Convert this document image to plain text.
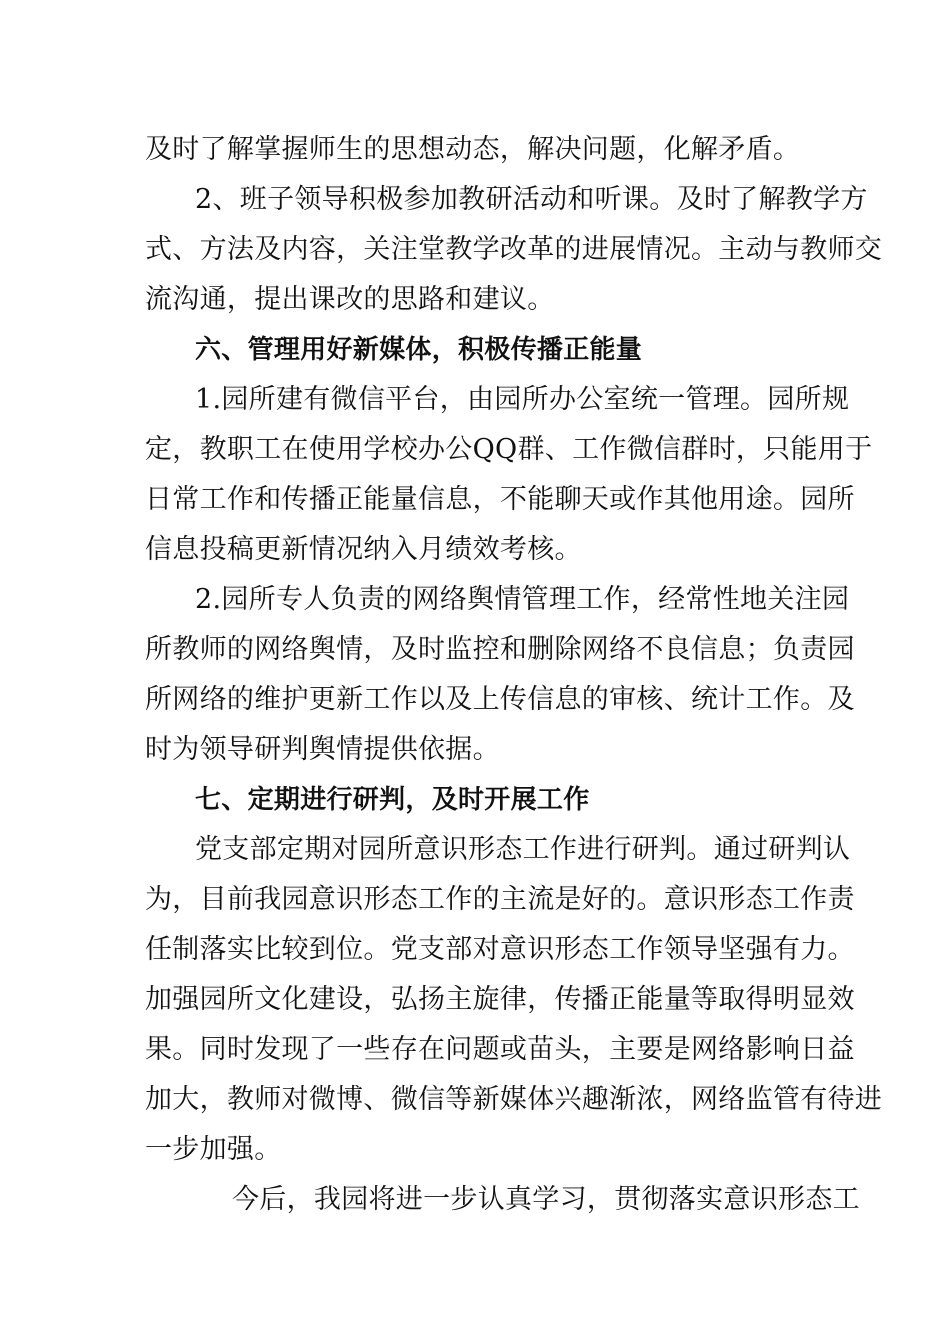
及时了解掌握师生的思想动态，解决问题，化解矛盾。
2、班子领导积极参加教研活动和听课。及时了解教学方
式、方法及内容，关注堂教学改革的进展情况。主动与教师交
流沟通，提出课改的思路和建议。
六、管理用好新媒体，积极传播正能量
1.园所建有微信平台，由园所办公室统一管理。园所规
定，教职工在使用学校办公QQ群、工作微信群时，只能用于
日常工作和传播正能量信息，不能聊天或作其他用途。园所
信息投稿更新情况纳入月绩效考核。
2.园所专人负责的网络舆情管理工作，经常性地关注园
所教师的网络舆情，及时监控和删除网络不良信息；负责园
所网络的维护更新工作以及上传信息的审核、统计工作。及
时为领导研判舆情提供依据。
七、定期进行研判，及时开展工作
党支部定期对园所意识形态工作进行研判。通过研判认
为，目前我园意识形态工作的主流是好的。意识形态工作责
任制落实比较到位。党支部对意识形态工作领导坚强有力。
加强园所文化建设，弘扬主旋律，传播正能量等取得明显效
果。同时发现了一些存在问题或苗头，主要是网络影响日益
加大，教师对微博、微信等新媒体兴趣渐浓，网络监管有待进
一步加强。
今后，我园将进一步认真学习，贯彻落实意识形态工
